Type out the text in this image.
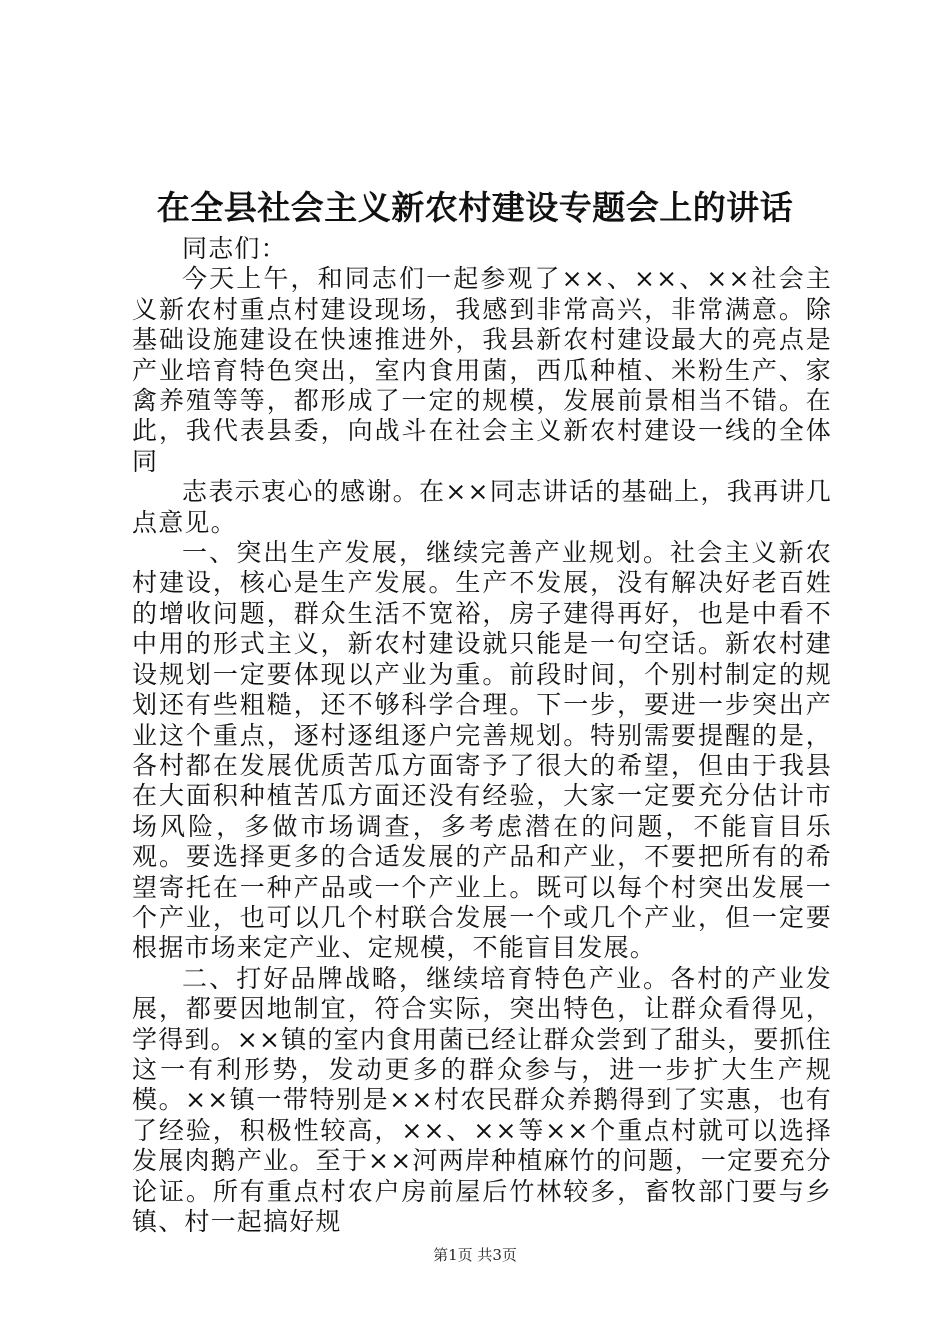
在全县社会主义新农村建设专题会上的讲话

同志们：

今天上午，和同志们一起参观了××、××、××社会主义新农村重点村建设现场，我感到非常高兴，非常满意。除基础设施建设在快速推进外，我县新农村建设最大的亮点是产业培育特色突出，室内食用菌，西瓜种植、米粉生产、家禽养殖等等，都形成了一定的规模，发展前景相当不错。在此，我代表县委，向战斗在社会主义新农村建设一线的全体同

志表示衷心的感谢。在××同志讲话的基础上，我再讲几点意见。

一、突出生产发展，继续完善产业规划。社会主义新农村建设，核心是生产发展。生产不发展，没有解决好老百姓的增收问题，群众生活不宽裕，房子建得再好，也是中看不中用的形式主义，新农村建设就只能是一句空话。新农村建设规划一定要体现以产业为重。前段时间，个别村制定的规划还有些粗糙，还不够科学合理。下一步，要进一步突出产业这个重点，逐村逐组逐户完善规划。特别需要提醒的是，各村都在发展优质苦瓜方面寄予了很大的希望，但由于我县在大面积种植苦瓜方面还没有经验，大家一定要充分估计市场风险，多做市场调查，多考虑潜在的问题，不能盲目乐观。要选择更多的合适发展的产品和产业，不要把所有的希望寄托在一种产品或一个产业上。既可以每个村突出发展一个产业，也可以几个村联合发展一个或几个产业，但一定要根据市场来定产业、定规模，不能盲目发展。

二、打好品牌战略，继续培育特色产业。各村的产业发展，都要因地制宜，符合实际，突出特色，让群众看得见，学得到。××镇的室内食用菌已经让群众尝到了甜头，要抓住这一有利形势，发动更多的群众参与，进一步扩大生产规模。××镇一带特别是××村农民群众养鹅得到了实惠，也有了经验，积极性较高，××、××等××个重点村就可以选择发展肉鹅产业。至于××河两岸种植麻竹的问题，一定要充分论证。所有重点村农户房前屋后竹林较多，畜牧部门要与乡镇、村一起搞好规

第1页 共3页
